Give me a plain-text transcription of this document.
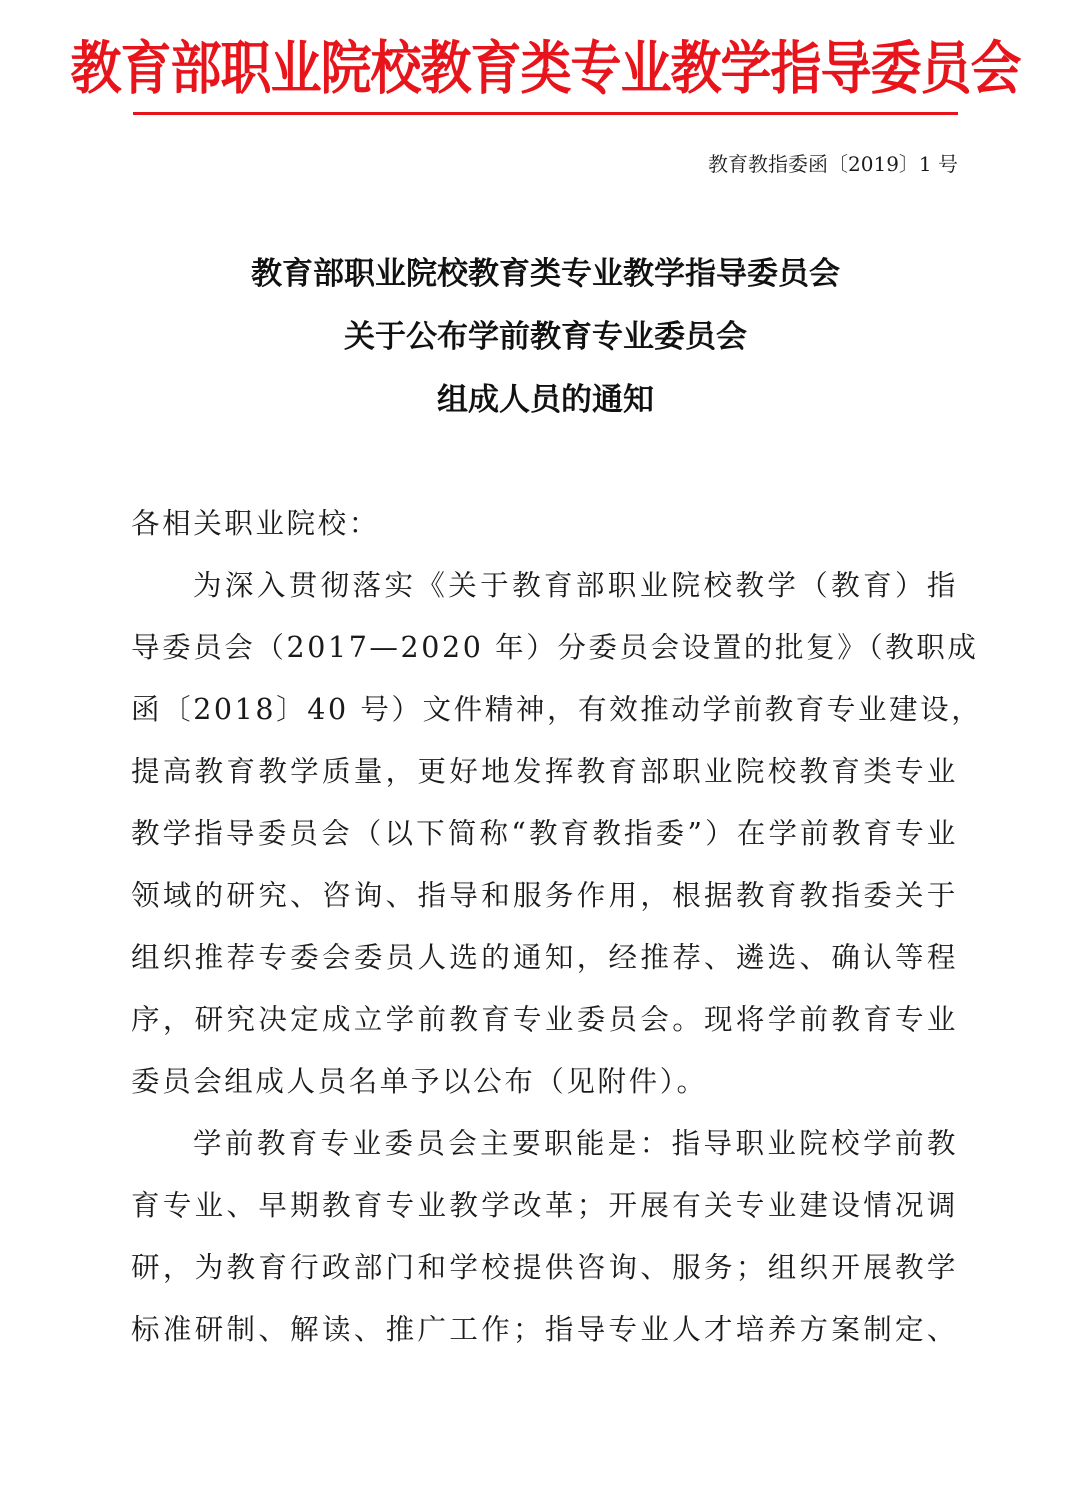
教育部职业院校教育类专业教学指导委员会
教育教指委函〔2019〕1 号
教育部职业院校教育类专业教学指导委员会
关于公布学前教育专业委员会
组成人员的通知
各相关职业院校：
为深入贯彻落实《关于教育部职业院校教学（教育）指
导委员会（2017—2020 年）分委员会设置的批复》（教职成
函〔2018〕40 号）文件精神，有效推动学前教育专业建设，
提高教育教学质量，更好地发挥教育部职业院校教育类专业
教学指导委员会（以下简称“教育教指委”）在学前教育专业
领域的研究、咨询、指导和服务作用，根据教育教指委关于
组织推荐专委会委员人选的通知，经推荐、遴选、确认等程
序，研究决定成立学前教育专业委员会。现将学前教育专业
委员会组成人员名单予以公布（见附件）。
学前教育专业委员会主要职能是：指导职业院校学前教
育专业、早期教育专业教学改革；开展有关专业建设情况调
研，为教育行政部门和学校提供咨询、服务；组织开展教学
标准研制、解读、推广工作；指导专业人才培养方案制定、
